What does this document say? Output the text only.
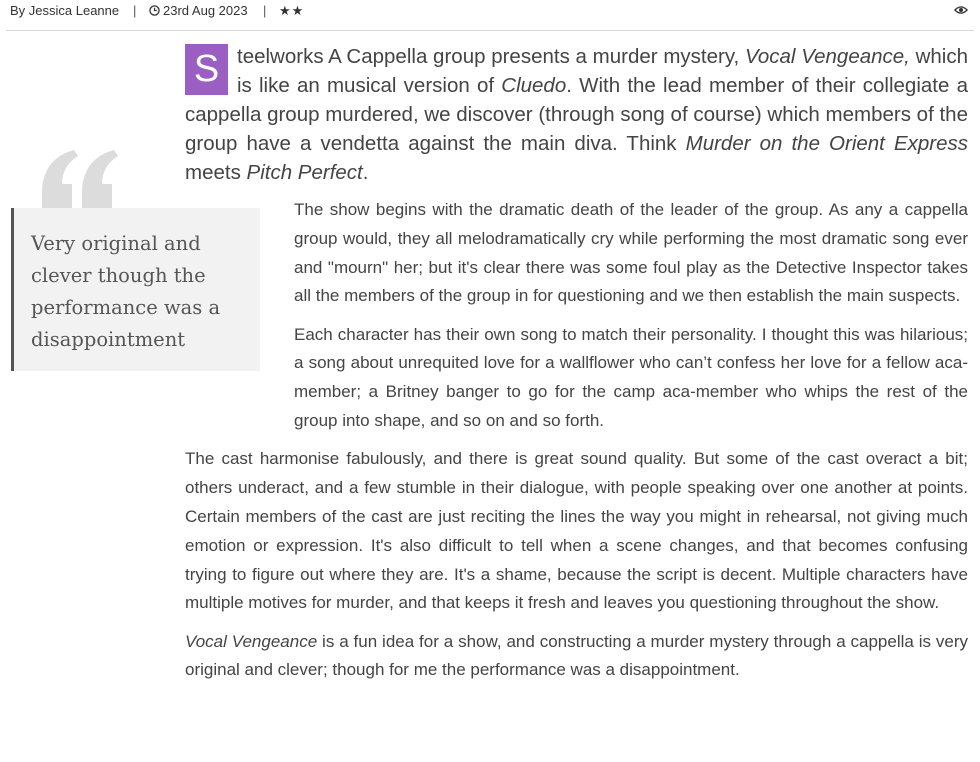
By Jessica Leanne |	23rd Aug 2023 | ★★
Very original and clever though the performance was a disappointment

S teelworks A Cappella group presents a murder mystery, Vocal Vengeance, which is like an musical version of Cluedo. With the lead member of their collegiate a cappella group murdered, we discover (through song of course) which members of the group have a vendetta against the main diva. Think Murder on the Orient Express meets Pitch Perfect.

The show begins with the dramatic death of the leader of the group. As any a cappella group would, they all melodramatically cry while performing the most dramatic song ever and "mourn" her; but it's clear there was some foul play as the Detective Inspector takes all the members of the group in for questioning and we then establish the main suspects.

Each character has their own song to match their personality. I thought this was hilarious; a song about unrequited love for a wallflower who can’t confess her love for a fellow aca-member; a Britney banger to go for the camp aca-member who whips the rest of the group into shape, and so on and so forth.

The cast harmonise fabulously, and there is great sound quality. But some of the cast overact a bit; others underact, and a few stumble in their dialogue, with people speaking over one another at points. Certain members of the cast are just reciting the lines the way you might in rehearsal, not giving much emotion or expression. It's also difficult to tell when a scene changes, and that becomes confusing trying to figure out where they are. It's a shame, because the script is decent. Multiple characters have multiple motives for murder, and that keeps it fresh and leaves you questioning throughout the show.

Vocal Vengeance is a fun idea for a show, and constructing a murder mystery through a cappella is very original and clever; though for me the performance was a disappointment.
